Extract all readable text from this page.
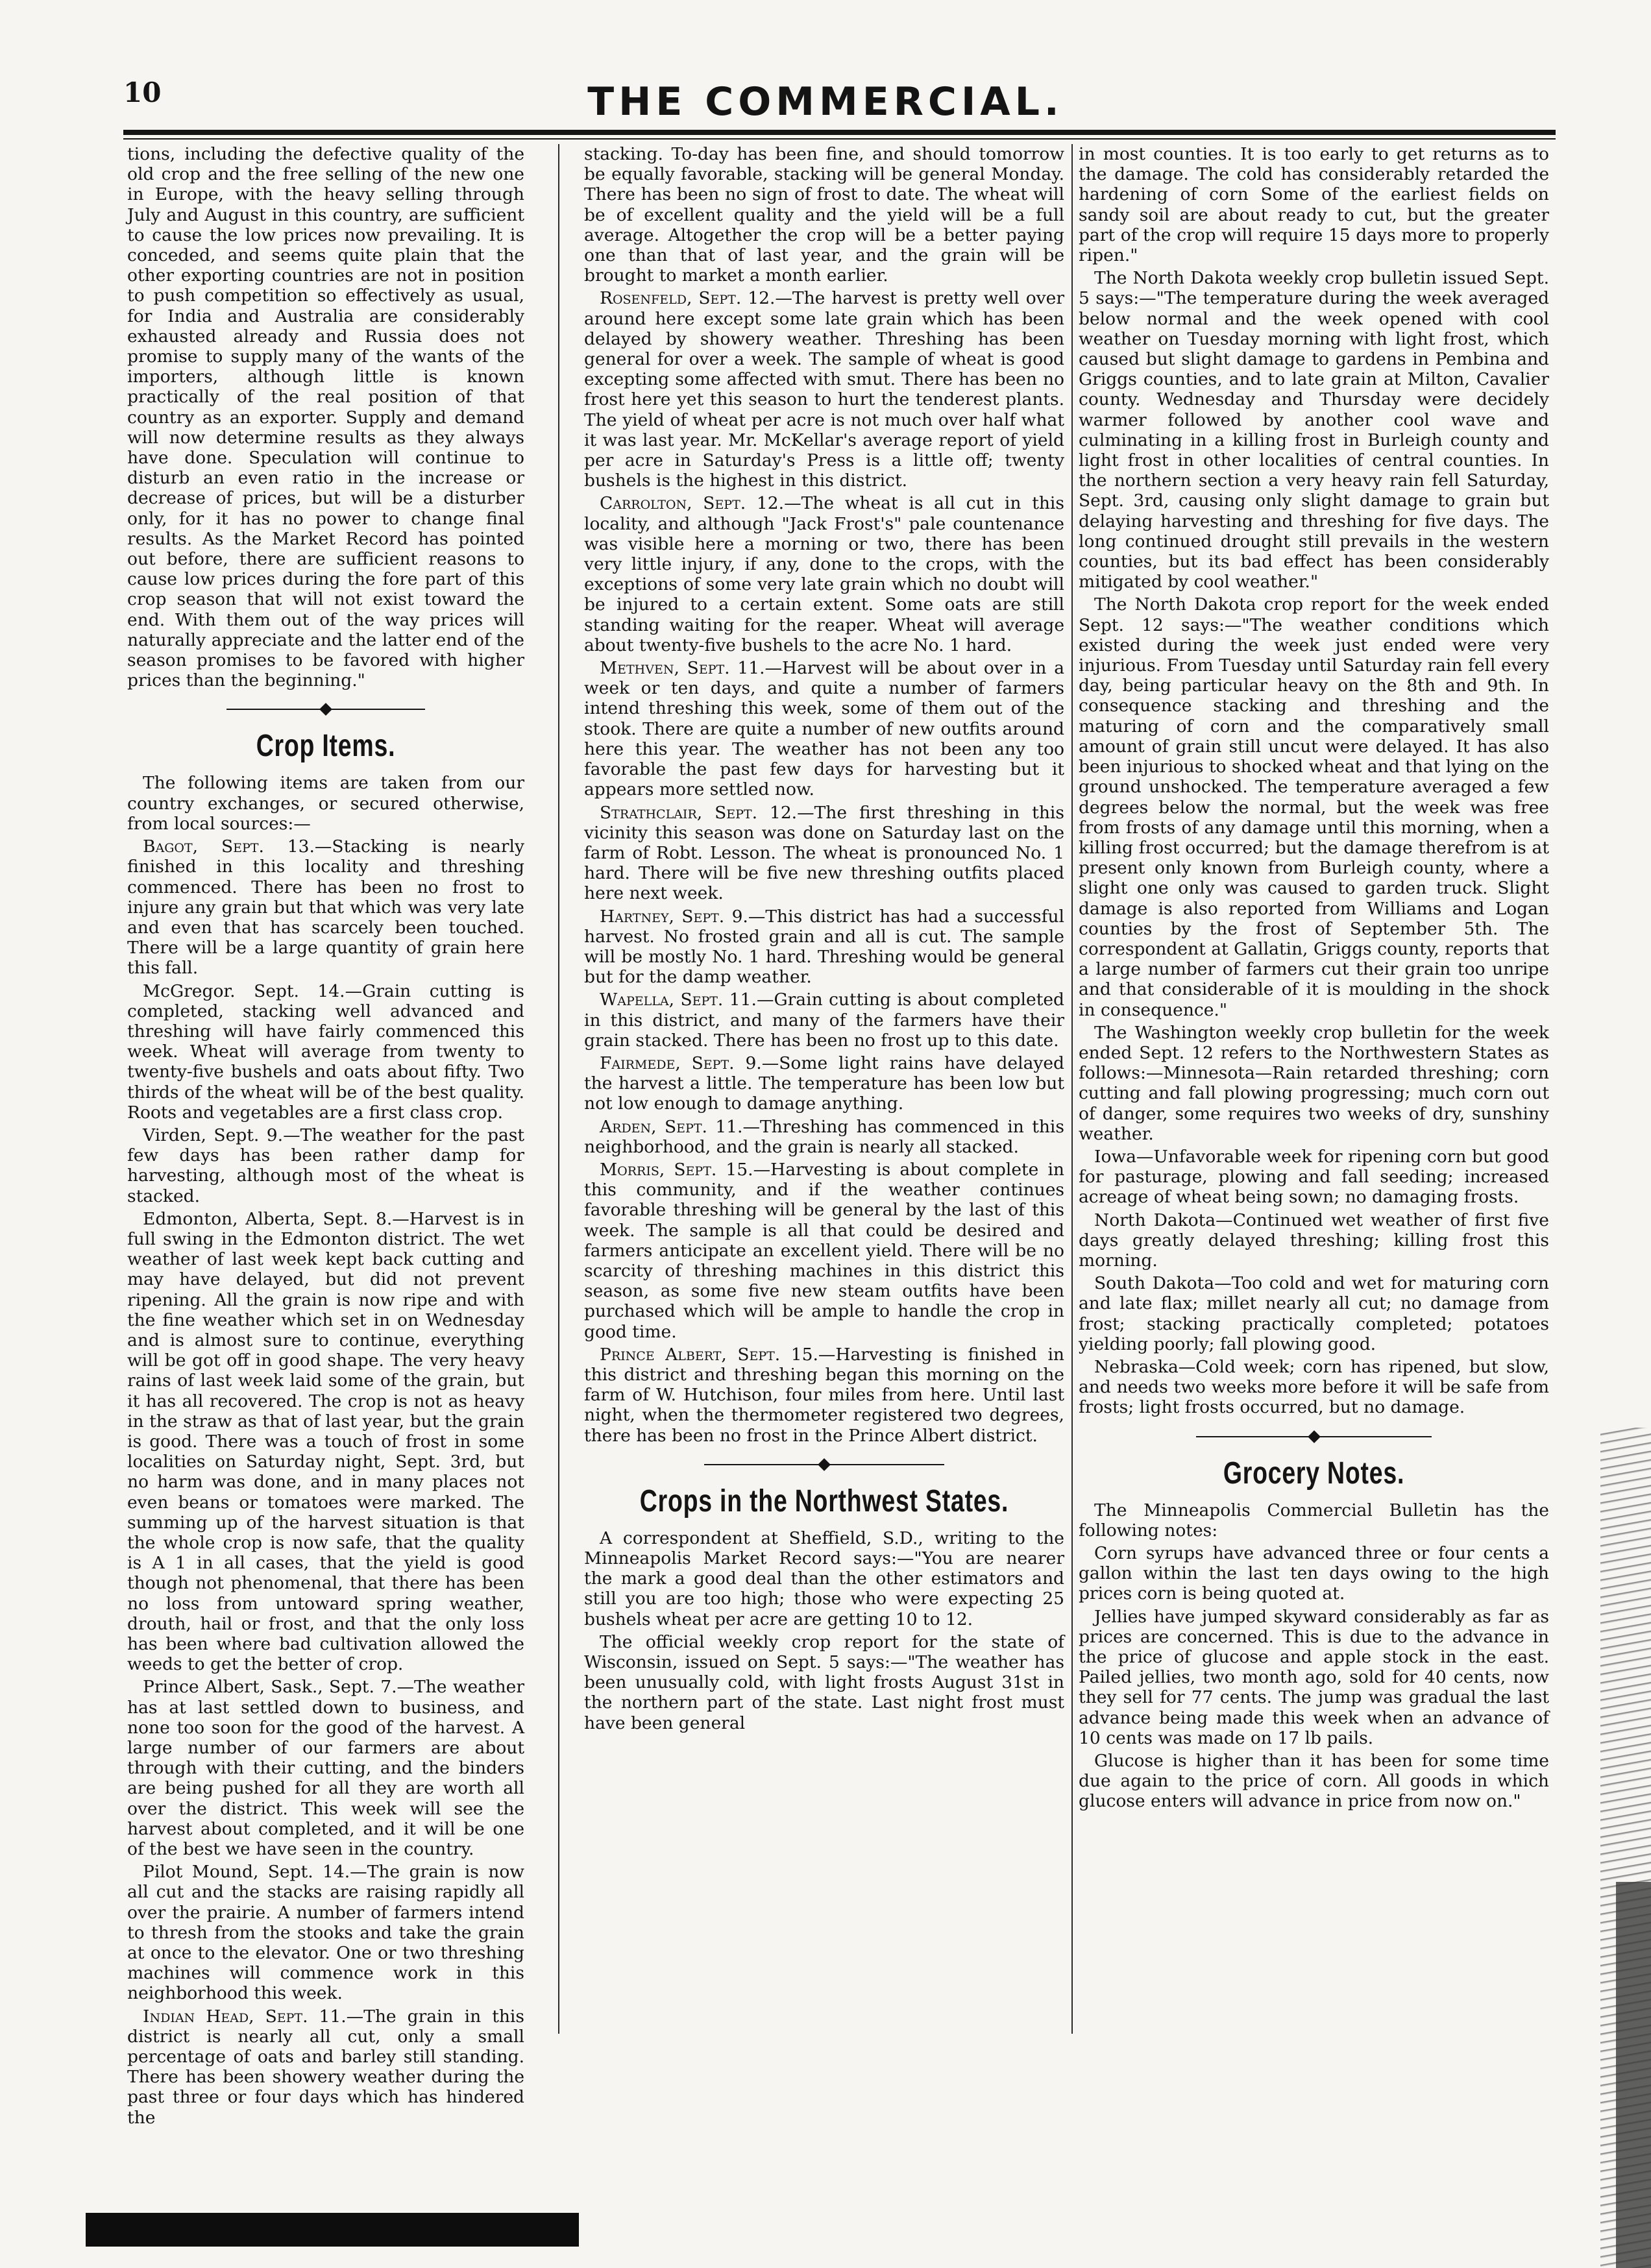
10	THE COMMERCIAL.

tions, including the defective quality of the old crop and the free selling of the new one in Europe, with the heavy selling through July and August in this country, are sufficient to cause the low prices now prevailing. It is conceded, and seems quite plain that the other exporting countries are not in position to push competition so effectively as usual, for India and Australia are considerably exhausted already and Russia does not promise to supply many of the wants of the importers, although little is known practically of the real position of that country as an exporter. Supply and demand will now determine results as they always have done. Speculation will continue to disturb an even ratio in the increase or decrease of prices, but will be a disturber only, for it has no power to change final results. As the Market Record has pointed out before, there are sufficient reasons to cause low prices during the fore part of this crop season that will not exist toward the end. With them out of the way prices will naturally appreciate and the latter end of the season promises to be favored with higher prices than the beginning."

Crop Items.

The following items are taken from our country exchanges, or secured otherwise, from local sources:—

Bagot, Sept. 13.—Stacking is nearly finished in this locality and threshing commenced. There has been no frost to injure any grain but that which was very late and even that has scarcely been touched. There will be a large quantity of grain here this fall.

McGregor. Sept. 14.—Grain cutting is completed, stacking well advanced and threshing will have fairly commenced this week. Wheat will average from twenty to twenty-five bushels and oats about fifty. Two thirds of the wheat will be of the best quality. Roots and vegetables are a first class crop.

Virden, Sept. 9.—The weather for the past few days has been rather damp for harvesting, although most of the wheat is stacked.

Edmonton, Alberta, Sept. 8.—Harvest is in full swing in the Edmonton district. The wet weather of last week kept back cutting and may have delayed, but did not prevent ripening. All the grain is now ripe and with the fine weather which set in on Wednesday and is almost sure to continue, everything will be got off in good shape. The very heavy rains of last week laid some of the grain, but it has all recovered. The crop is not as heavy in the straw as that of last year, but the grain is good. There was a touch of frost in some localities on Saturday night, Sept. 3rd, but no harm was done, and in many places not even beans or tomatoes were marked. The summing up of the harvest situation is that the whole crop is now safe, that the quality is A 1 in all cases, that the yield is good though not phenomenal, that there has been no loss from untoward spring weather, drouth, hail or frost, and that the only loss has been where bad cultivation allowed the weeds to get the better of crop.

Prince Albert, Sask., Sept. 7.—The weather has at last settled down to business, and none too soon for the good of the harvest. A large number of our farmers are about through with their cutting, and the binders are being pushed for all they are worth all over the district. This week will see the harvest about completed, and it will be one of the best we have seen in the country.

Pilot Mound, Sept. 14.—The grain is now all cut and the stacks are raising rapidly all over the prairie. A number of farmers intend to thresh from the stooks and take the grain at once to the elevator. One or two threshing machines will commence work in this neighborhood this week.

Indian Head, Sept. 11.—The grain in this district is nearly all cut, only a small percentage of oats and barley still standing. There has been showery weather during the past three or four days which has hindered the

stacking. To-day has been fine, and should tomorrow be equally favorable, stacking will be general Monday. There has been no sign of frost to date. The wheat will be of excellent quality and the yield will be a full average. Altogether the crop will be a better paying one than that of last year, and the grain will be brought to market a month earlier.

Rosenfeld, Sept. 12.—The harvest is pretty well over around here except some late grain which has been delayed by showery weather. Threshing has been general for over a week. The sample of wheat is good excepting some affected with smut. There has been no frost here yet this season to hurt the tenderest plants. The yield of wheat per acre is not much over half what it was last year. Mr. McKellar's average report of yield per acre in Saturday's Press is a little off; twenty bushels is the highest in this district.

Carrolton, Sept. 12.—The wheat is all cut in this locality, and although "Jack Frost's" pale countenance was visible here a morning or two, there has been very little injury, if any, done to the crops, with the exceptions of some very late grain which no doubt will be injured to a certain extent. Some oats are still standing waiting for the reaper. Wheat will average about twenty-five bushels to the acre No. 1 hard.

Methven, Sept. 11.—Harvest will be about over in a week or ten days, and quite a number of farmers intend threshing this week, some of them out of the stook. There are quite a number of new outfits around here this year. The weather has not been any too favorable the past few days for harvesting but it appears more settled now.

Strathclair, Sept. 12.—The first threshing in this vicinity this season was done on Saturday last on the farm of Robt. Lesson. The wheat is pronounced No. 1 hard. There will be five new threshing outfits placed here next week.

Hartney, Sept. 9.—This district has had a successful harvest. No frosted grain and all is cut. The sample will be mostly No. 1 hard. Threshing would be general but for the damp weather.

Wapella, Sept. 11.—Grain cutting is about completed in this district, and many of the farmers have their grain stacked. There has been no frost up to this date.

Fairmede, Sept. 9.—Some light rains have delayed the harvest a little. The temperature has been low but not low enough to damage anything.

Arden, Sept. 11.—Threshing has commenced in this neighborhood, and the grain is nearly all stacked.

Morris, Sept. 15.—Harvesting is about complete in this community, and if the weather continues favorable threshing will be general by the last of this week. The sample is all that could be desired and farmers anticipate an excellent yield. There will be no scarcity of threshing machines in this district this season, as some five new steam outfits have been purchased which will be ample to handle the crop in good time.

Prince Albert, Sept. 15.—Harvesting is finished in this district and threshing began this morning on the farm of W. Hutchison, four miles from here. Until last night, when the thermometer registered two degrees, there has been no frost in the Prince Albert district.

Crops in the Northwest States.

A correspondent at Sheffield, S.D., writing to the Minneapolis Market Record says:—"You are nearer the mark a good deal than the other estimators and still you are too high; those who were expecting 25 bushels wheat per acre are getting 10 to 12.

The official weekly crop report for the state of Wisconsin, issued on Sept. 5 says:—"The weather has been unusually cold, with light frosts August 31st in the northern part of the state. Last night frost must have been general

in most counties. It is too early to get returns as to the damage. The cold has considerably retarded the hardening of corn Some of the earliest fields on sandy soil are about ready to cut, but the greater part of the crop will require 15 days more to properly ripen."

The North Dakota weekly crop bulletin issued Sept. 5 says:—"The temperature during the week averaged below normal and the week opened with cool weather on Tuesday morning with light frost, which caused but slight damage to gardens in Pembina and Griggs counties, and to late grain at Milton, Cavalier county. Wednesday and Thursday were decidely warmer followed by another cool wave and culminating in a killing frost in Burleigh county and light frost in other localities of central counties. In the northern section a very heavy rain fell Saturday, Sept. 3rd, causing only slight damage to grain but delaying harvesting and threshing for five days. The long continued drought still prevails in the western counties, but its bad effect has been considerably mitigated by cool weather."

The North Dakota crop report for the week ended Sept. 12 says:—"The weather conditions which existed during the week just ended were very injurious. From Tuesday until Saturday rain fell every day, being particular heavy on the 8th and 9th. In consequence stacking and threshing and the maturing of corn and the comparatively small amount of grain still uncut were delayed. It has also been injurious to shocked wheat and that lying on the ground unshocked. The temperature averaged a few degrees below the normal, but the week was free from frosts of any damage until this morning, when a killing frost occurred; but the damage therefrom is at present only known from Burleigh county, where a slight one only was caused to garden truck. Slight damage is also reported from Williams and Logan counties by the frost of September 5th. The correspondent at Gallatin, Griggs county, reports that a large number of farmers cut their grain too unripe and that considerable of it is moulding in the shock in consequence."

The Washington weekly crop bulletin for the week ended Sept. 12 refers to the Northwestern States as follows:—Minnesota—Rain retarded threshing; corn cutting and fall plowing progressing; much corn out of danger, some requires two weeks of dry, sunshiny weather.

Iowa—Unfavorable week for ripening corn but good for pasturage, plowing and fall seeding; increased acreage of wheat being sown; no damaging frosts.

North Dakota—Continued wet weather of first five days greatly delayed threshing; killing frost this morning.

South Dakota—Too cold and wet for maturing corn and late flax; millet nearly all cut; no damage from frost; stacking practically completed; potatoes yielding poorly; fall plowing good.

Nebraska—Cold week; corn has ripened, but slow, and needs two weeks more before it will be safe from frosts; light frosts occurred, but no damage.

Grocery Notes.

The Minneapolis Commercial Bulletin has the following notes:

Corn syrups have advanced three or four cents a gallon within the last ten days owing to the high prices corn is being quoted at.

Jellies have jumped skyward considerably as far as prices are concerned. This is due to the advance in the price of glucose and apple stock in the east. Pailed jellies, two month ago, sold for 40 cents, now they sell for 77 cents. The jump was gradual the last advance being made this week when an advance of 10 cents was made on 17 lb pails.

Glucose is higher than it has been for some time due again to the price of corn. All goods in which glucose enters will advance in price from now on."
